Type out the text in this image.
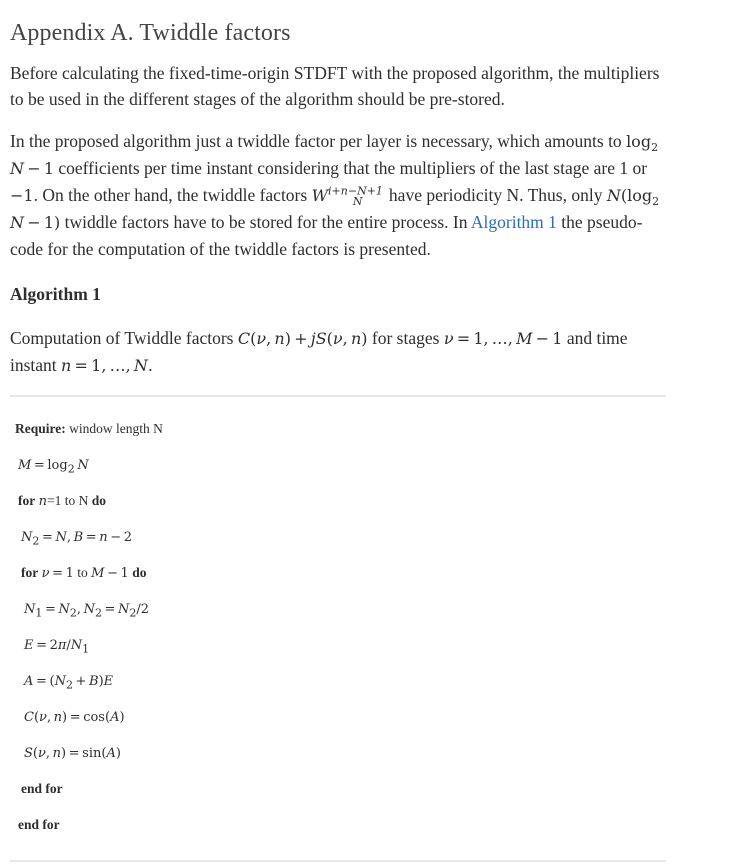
Appendix A. Twiddle factors

Before calculating the fixed-time-origin STDFT with the proposed algorithm, the multipliers to be used in the different stages of the algorithm should be pre-stored.

In the proposed algorithm just a twiddle factor per layer is necessary, which amounts to $\log_2 N - 1$ coefficients per time instant considering that the multipliers of the last stage are 1 or −1. On the other hand, the twiddle factors $W^{i+n-N+1}_N$ have periodicity N. Thus, only $N(\log_2$ N −  1) twiddle factors have to be stored for the entire process. In Algorithm 1 the pseudo-code for the computation of the twiddle factors is presented.

Algorithm 1
Computation of Twiddle factors C(ν, n)  + jS(ν, n) for stages ν = 1, …, M − 1 and time instant n = 1, …, N.
Require: window length N
$M = \log_2 N$
for n=1 to N do
$N_2 = N$, B = n − 2
for ν = 1 to M − 1 do
$N_1 = N_2$, $N_2 = N_2/2$
$E = 2\pi/N_1$
$A = (N_2 + B)E$
C(ν, n) = cos(A)
S(ν, n) = sin(A)
end for
end for
